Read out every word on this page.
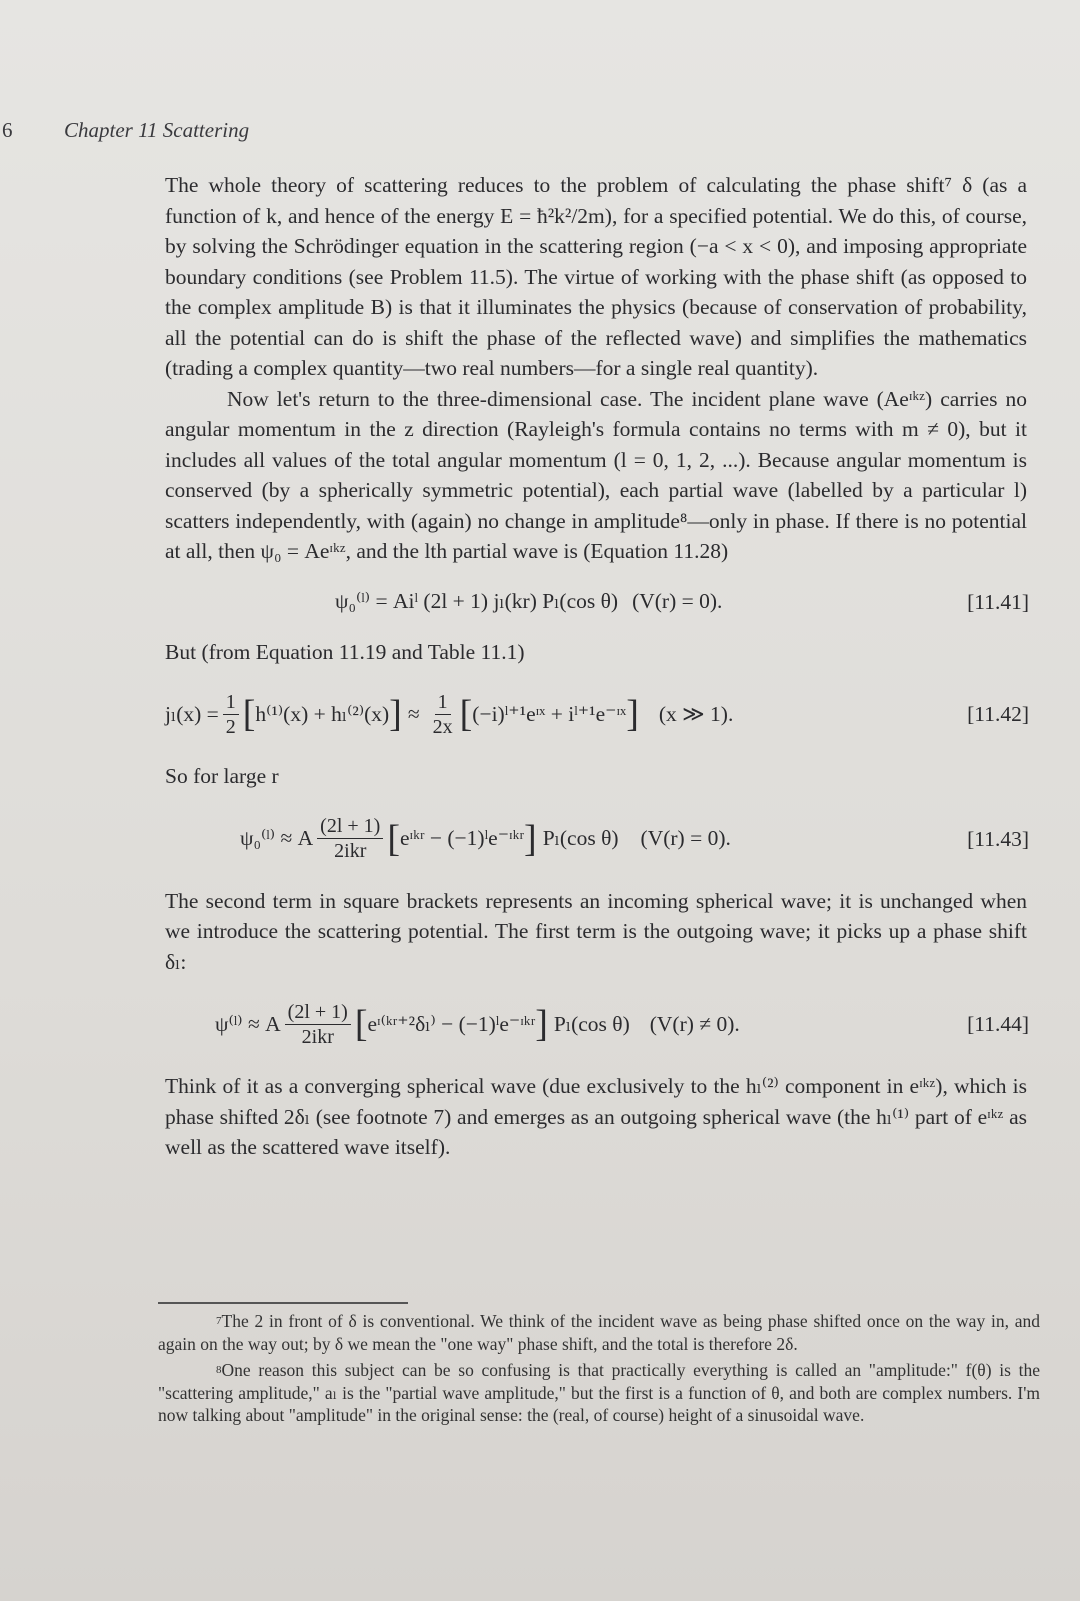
6 Chapter 11 Scattering

The whole theory of scattering reduces to the problem of calculating the phase shift⁷ δ (as a function of k, and hence of the energy E = ħ²k²/2m), for a specified potential. We do this, of course, by solving the Schrödinger equation in the scattering region (−a < x < 0), and imposing appropriate boundary conditions (see Problem 11.5). The virtue of working with the phase shift (as opposed to the complex amplitude B) is that it illuminates the physics (because of conservation of probability, all the potential can do is shift the phase of the reflected wave) and simplifies the mathematics (trading a complex quantity—two real numbers—for a single real quantity).

Now let's return to the three-dimensional case. The incident plane wave (Aeᶦᵏᶻ) carries no angular momentum in the z direction (Rayleigh's formula contains no terms with m ≠ 0), but it includes all values of the total angular momentum (l = 0, 1, 2, ...). Because angular momentum is conserved (by a spherically symmetric potential), each partial wave (labelled by a particular l) scatters independently, with (again) no change in amplitude⁸—only in phase. If there is no potential at all, then ψ₀ = Aeᶦᵏᶻ, and the lth partial wave is (Equation 11.28)

ψ₀⁽ˡ⁾ = Aiˡ (2l + 1) jₗ(kr) Pₗ(cos θ) (V(r) = 0).	[11.41]

But (from Equation 11.19 and Table 11.1)

$j_l(x) = \frac{1}{2}$ [ h⁽¹⁾(x) + hₗ⁽²⁾(x) ] ≈ $\frac{1}{2x}$ [ (−i)ˡ⁺¹eᶦˣ + iˡ⁺¹e⁻ᶦˣ ] (x ≫ 1).	[11.42]

So for large r

ψ₀⁽ˡ⁾ ≈ A $\frac{(2l + 1)}{\text{2ikr}}$ [ eᶦᵏʳ − (−1)ˡe⁻ᶦᵏʳ ] Pₗ(cos θ) (V(r) = 0).	[11.43]

The second term in square brackets represents an incoming spherical wave; it is unchanged when we introduce the scattering potential. The first term is the outgoing wave; it picks up a phase shift δₗ:

ψ⁽ˡ⁾ ≈ A $\frac{(2l + 1)}{\text{2ikr}}$ [ eᶦ⁽ᵏʳ⁺²δₗ⁾ − (−1)ˡe⁻ᶦᵏʳ ] Pₗ(cos θ) (V(r) ≠ 0).	[11.44]

Think of it as a converging spherical wave (due exclusively to the hₗ⁽²⁾ component in eᶦᵏᶻ), which is phase shifted 2δₗ (see footnote 7) and emerges as an outgoing spherical wave (the hₗ⁽¹⁾ part of eᶦᵏᶻ as well as the scattered wave itself).

$^7$The 2 in front of δ is conventional. We think of the incident wave as being phase shifted once on the way in, and again on the way out; by δ we mean the "one way" phase shift, and the total is therefore 2δ.

$^8$One reason this subject can be so confusing is that practically everything is called an "amplitude:" f(θ) is the "scattering amplitude," aₗ is the "partial wave amplitude," but the first is a function of θ, and both are complex numbers. I'm now talking about "amplitude" in the original sense: the (real, of course) height of a sinusoidal wave.
